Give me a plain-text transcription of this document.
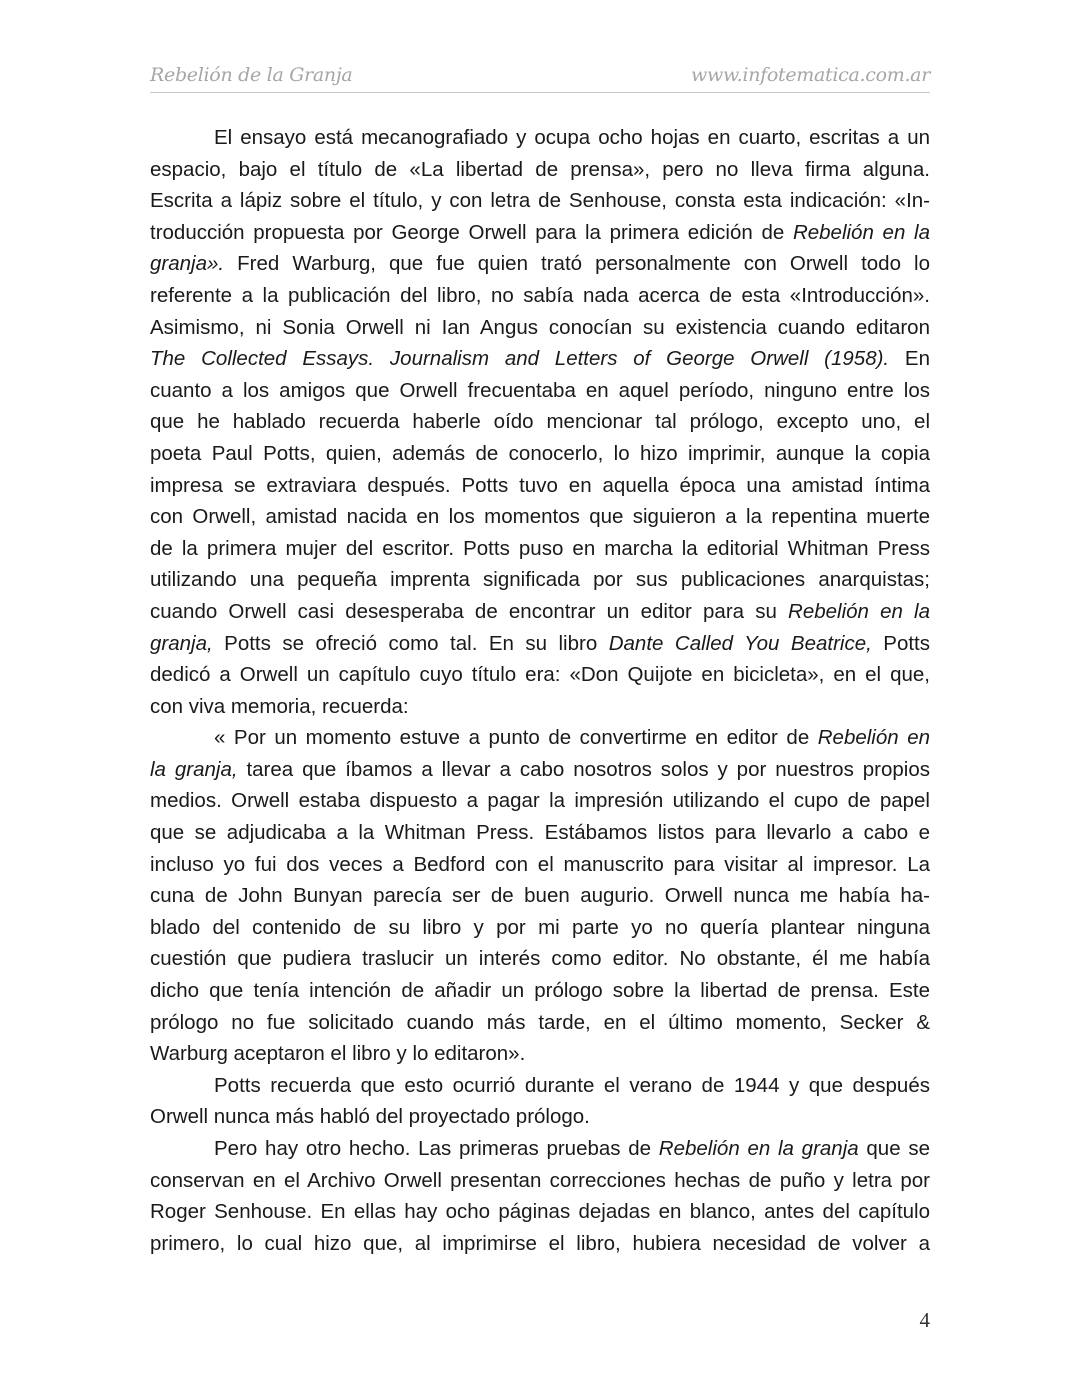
Rebelión de la Granja	www.infotematica.com.ar
El ensayo está mecanografiado y ocupa ocho hojas en cuarto, escritas a un
espacio, bajo el título de «La libertad de prensa», pero no lleva firma alguna.
Escrita a lápiz sobre el título, y con letra de Senhouse, consta esta indicación: «In-
troducción propuesta por George Orwell para la primera edición de Rebelión en la
granja». Fred Warburg, que fue quien trató personalmente con Orwell todo lo
referente a la publicación del libro, no sabía nada acerca de esta «Introducción».
Asimismo, ni Sonia Orwell ni Ian Angus conocían su existencia cuando editaron
The Collected Essays. Journalism and Letters of George Orwell (1958). En
cuanto a los amigos que Orwell frecuentaba en aquel período, ninguno entre los
que he hablado recuerda haberle oído mencionar tal prólogo, excepto uno, el
poeta Paul Potts, quien, además de conocerlo, lo hizo imprimir, aunque la copia
impresa se extraviara después. Potts tuvo en aquella época una amistad íntima
con Orwell, amistad nacida en los momentos que siguieron a la repentina muerte
de la primera mujer del escritor. Potts puso en marcha la editorial Whitman Press
utilizando una pequeña imprenta significada por sus publicaciones anarquistas;
cuando Orwell casi desesperaba de encontrar un editor para su Rebelión en la
granja, Potts se ofreció como tal. En su libro Dante Called You Beatrice, Potts
dedicó a Orwell un capítulo cuyo título era: «Don Quijote en bicicleta», en el que,
con viva memoria, recuerda:
« Por un momento estuve a punto de convertirme en editor de Rebelión en
la granja, tarea que íbamos a llevar a cabo nosotros solos y por nuestros propios
medios. Orwell estaba dispuesto a pagar la impresión utilizando el cupo de papel
que se adjudicaba a la Whitman Press. Estábamos listos para llevarlo a cabo e
incluso yo fui dos veces a Bedford con el manuscrito para visitar al impresor. La
cuna de John Bunyan parecía ser de buen augurio. Orwell nunca me había ha-
blado del contenido de su libro y por mi parte yo no quería plantear ninguna
cuestión que pudiera traslucir un interés como editor. No obstante, él me había
dicho que tenía intención de añadir un prólogo sobre la libertad de prensa. Este
prólogo no fue solicitado cuando más tarde, en el último momento, Secker &
Warburg aceptaron el libro y lo editaron».
Potts recuerda que esto ocurrió durante el verano de 1944 y que después
Orwell nunca más habló del proyectado prólogo.
Pero hay otro hecho. Las primeras pruebas de Rebelión en la granja que se
conservan en el Archivo Orwell presentan correcciones hechas de puño y letra por
Roger Senhouse. En ellas hay ocho páginas dejadas en blanco, antes del capítulo
primero, lo cual hizo que, al imprimirse el libro, hubiera necesidad de volver a
4
